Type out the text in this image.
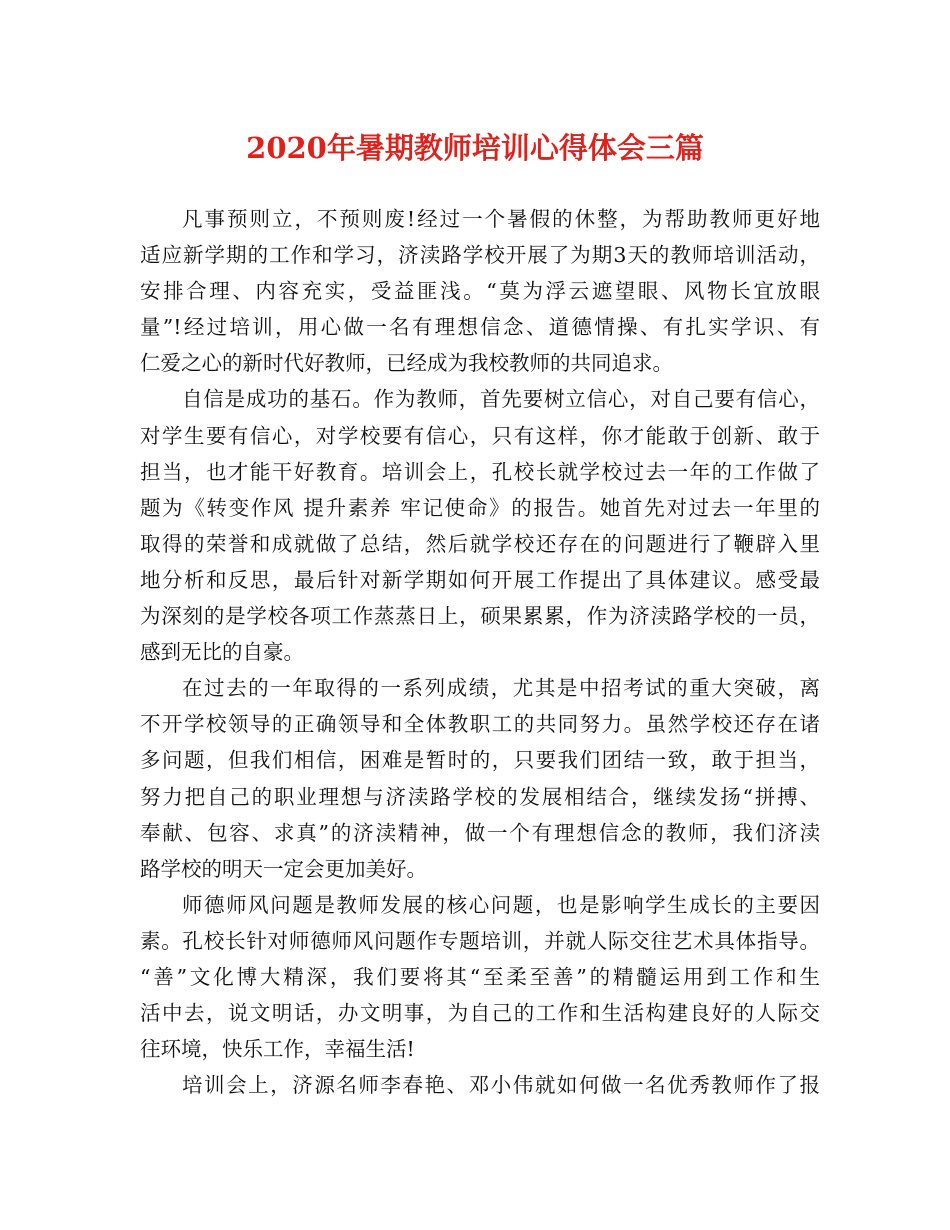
2020年暑期教师培训心得体会三篇
凡事预则立，不预则废!经过一个暑假的休整，为帮助教师更好地
适应新学期的工作和学习，济渎路学校开展了为期3天的教师培训活动，
安排合理、内容充实，受益匪浅。“莫为浮云遮望眼、风物长宜放眼
量”!经过培训，用心做一名有理想信念、道德情操、有扎实学识、有
仁爱之心的新时代好教师，已经成为我校教师的共同追求。
自信是成功的基石。作为教师，首先要树立信心，对自己要有信心，
对学生要有信心，对学校要有信心，只有这样，你才能敢于创新、敢于
担当，也才能干好教育。培训会上，孔校长就学校过去一年的工作做了
题为《转变作风 提升素养 牢记使命》的报告。她首先对过去一年里的
取得的荣誉和成就做了总结，然后就学校还存在的问题进行了鞭辟入里
地分析和反思，最后针对新学期如何开展工作提出了具体建议。感受最
为深刻的是学校各项工作蒸蒸日上，硕果累累，作为济渎路学校的一员，
感到无比的自豪。
在过去的一年取得的一系列成绩，尤其是中招考试的重大突破，离
不开学校领导的正确领导和全体教职工的共同努力。虽然学校还存在诸
多问题，但我们相信，困难是暂时的，只要我们团结一致，敢于担当，
努力把自己的职业理想与济渎路学校的发展相结合，继续发扬“拼搏、
奉献、包容、求真”的济渎精神，做一个有理想信念的教师，我们济渎
路学校的明天一定会更加美好。
师德师风问题是教师发展的核心问题，也是影响学生成长的主要因
素。孔校长针对师德师风问题作专题培训，并就人际交往艺术具体指导。
“善”文化博大精深，我们要将其“至柔至善”的精髓运用到工作和生
活中去，说文明话，办文明事，为自己的工作和生活构建良好的人际交
往环境，快乐工作，幸福生活!
培训会上，济源名师李春艳、邓小伟就如何做一名优秀教师作了报
